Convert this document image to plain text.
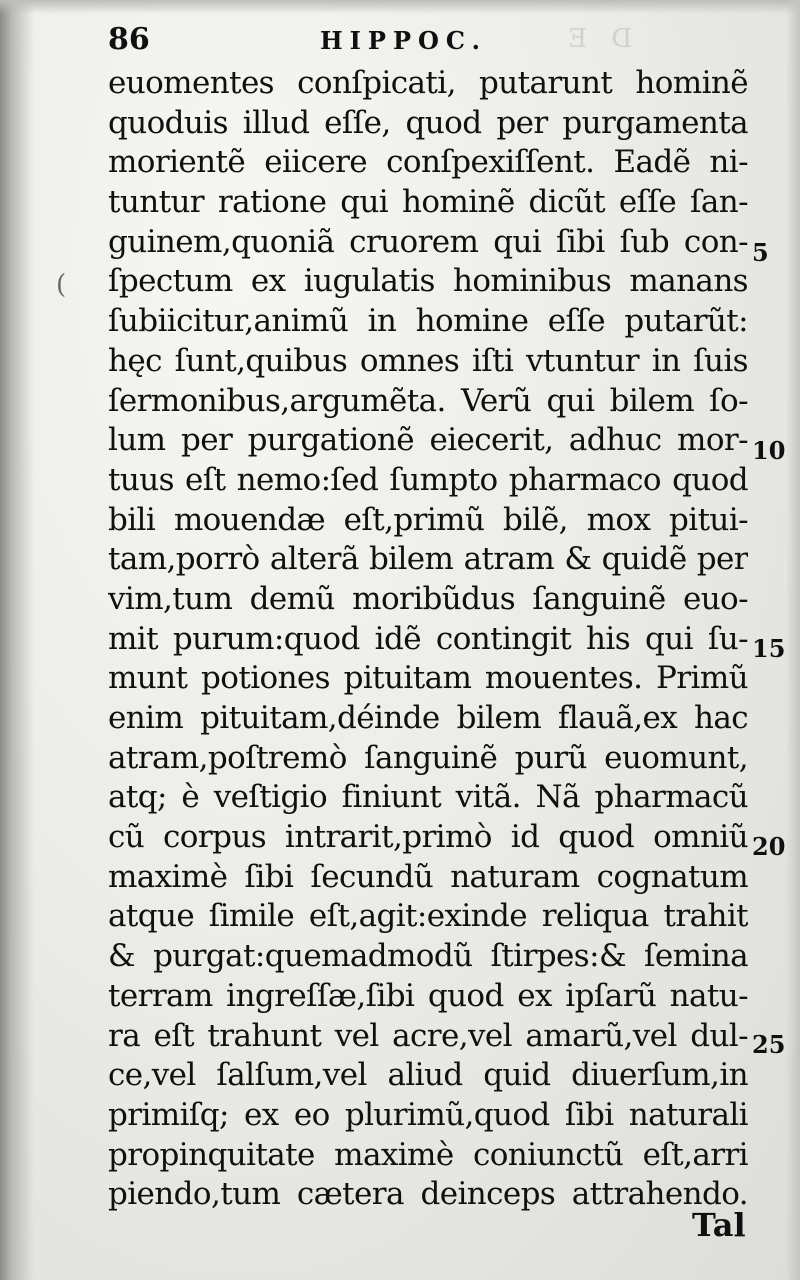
D E
(
86	HIPPOC.
euomentes conſpicati, putarunt hominẽ
quoduis illud eſſe, quod per purgamenta
morientẽ eiicere conſpexiſſent. Eadẽ ni-
tuntur ratione qui hominẽ dicũt eſſe ſan-
guinem,quoniã cruorem qui ſibi ſub con-
ſpectum ex iugulatis hominibus manans
ſubiicitur,animũ in homine eſſe putarũt:
hęc ſunt,quibus omnes iſti vtuntur in ſuis
ſermonibus,argumẽta. Verũ qui bilem ſo-
lum per purgationẽ eiecerit, adhuc mor-
tuus eſt nemo:ſed ſumpto pharmaco quod
bili mouendæ eſt,primũ bilẽ, mox pitui-
tam,porrò alterã bilem atram & quidẽ per
vim,tum demũ moribũdus ſanguinẽ euo-
mit purum:quod idẽ contingit his qui ſu-
munt potiones pituitam mouentes. Primũ
enim pituitam,déinde bilem flauã,ex hac
atram,poſtremò ſanguinẽ purũ euomunt,
atq; è veſtigio finiunt vitã. Nã pharmacũ
cũ corpus intrarit,primò id quod omniũ
maximè ſibi ſecundũ naturam cognatum
atque ſimile eſt,agit:exinde reliqua trahit
& purgat:quemadmodũ ſtirpes:& ſemina
terram ingreſſæ,ſibi quod ex ipſarũ natu-
ra eſt trahunt vel acre,vel amarũ,vel dul-
ce,vel ſalſum,vel aliud quid diuerſum,in
primiſq; ex eo plurimũ,quod ſibi naturali
propinquitate maximè coniunctũ eſt,arri
piendo,tum cætera deinceps attrahendo.
5
10
15
20
25
Tal
